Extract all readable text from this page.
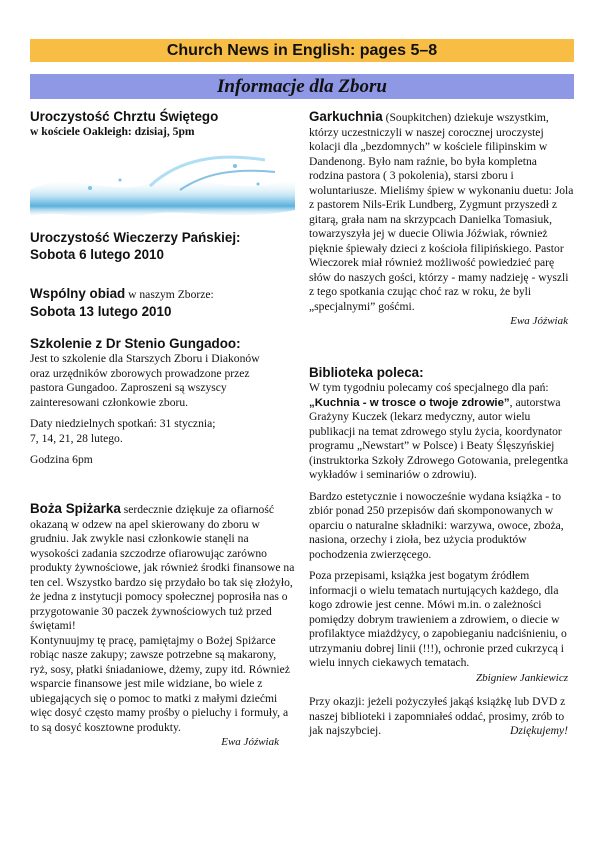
Church News in English: pages 5–8
Informacje dla Zboru
Uroczystość Chrztu Świętego
w kościele Oakleigh: dzisiaj, 5pm
Uroczystość Wieczerzy Pańskiej:
Sobota 6 lutego 2010
Wspólny obiad w naszym Zborze:
Sobota 13 lutego 2010
Szkolenie z Dr Stenio Gungadoo:

Jest to szkolenie dla Starszych Zboru i Diakonów oraz urzędników zborowych prowadzone przez pastora Gungadoo. Zaproszeni są wszyscy zainteresowani członkowie zboru.

Daty niedzielnych spotkań: 31 stycznia;

7, 14, 21, 28 lutego.

Godzina 6pm

Boża Spiżarka serdecznie dziękuje za ofiarność okazaną w odzew na apel skierowany do zboru w grudniu. Jak zwykle nasi członkowie stanęli na wysokości zadania szczodrze ofiarowując zarówno produkty żywnościowe, jak również środki finansowe na ten cel. Wszystko bardzo się przydało bo tak się złożyło, że jedna z instytucji pomocy społecznej poprosiła nas o przygotowanie 30 paczek żywnościowych tuż przed świętami!

Kontynuujmy tę pracę, pamiętajmy o Bożej Spiżarce robiąc nasze zakupy; zawsze potrzebne są makarony, ryż, sosy, płatki śniadaniowe, dżemy, zupy itd. Również wsparcie finansowe jest mile widziane, bo wiele z ubiegających się o pomoc to matki z małymi dziećmi więc dosyć często mamy prośby o pieluchy i formuły, a to są dosyć kosztowne produkty.

Ewa Jóźwiak

Garkuchnia (Soupkitchen) dziekuje wszystkim, którzy uczestniczyli w naszej corocznej uroczystej kolacji dla „bezdomnych” w kościele filipinskim w Dandenong. Było nam raźnie, bo była kompletna rodzina pastora ( 3 pokolenia), starsi zboru i woluntariusze. Mieliśmy śpiew w wykonaniu duetu: Jola z pastorem Nils-Erik Lundberg, Zygmunt przyszedł z gitarą, grała nam na skrzypcach Danielka Tomasiuk, towarzyszyła jej w duecie Oliwia Jóźwiak, również pięknie śpiewały dzieci z kościoła filipińskiego. Pastor Wieczorek miał również możliwość powiedzieć parę słów do naszych gości, którzy - mamy nadzieję - wyszli z tego spotkania czując choć raz w roku, że byli „specjalnymi” gośćmi.

Ewa Jóźwiak
Biblioteka poleca:

W tym tygodniu polecamy coś specjalnego dla pań: „Kuchnia - w trosce o twoje zdrowie”, autorstwa Grażyny Kuczek (lekarz medyczny, autor wielu publikacji na temat zdrowego stylu życia, koordynator programu „Newstart” w Polsce) i Beaty Ślęszyńskiej (instruktorka Szkoły Zdrowego Gotowania, prelegentka wykładów i seminariów o zdrowiu).

Bardzo estetycznie i nowocześnie wydana książka - to zbiór ponad 250 przepisów dań skomponowanych w oparciu o naturalne składniki: warzywa, owoce, zboża, nasiona, orzechy i zioła, bez użycia produktów pochodzenia zwierzęcego.

Poza przepisami, książka jest bogatym źródłem informacji o wielu tematach nurtujących każdego, dla kogo zdrowie jest cenne. Mówi m.in. o zależności pomiędzy dobrym trawieniem a zdrowiem, o diecie w profilaktyce miażdżycy, o zapobieganiu nadciśnieniu, o utrzymaniu dobrej linii (!!!), ochronie przed cukrzycą i wielu innych ciekawych tematach.

Zbigniew Jankiewicz

Przy okazji: jeżeli pożyczyłeś jakąś książkę lub DVD z naszej biblioteki i zapomniałeś oddać, prosimy, zrób to jak najszybciej.	Dziękujemy!
